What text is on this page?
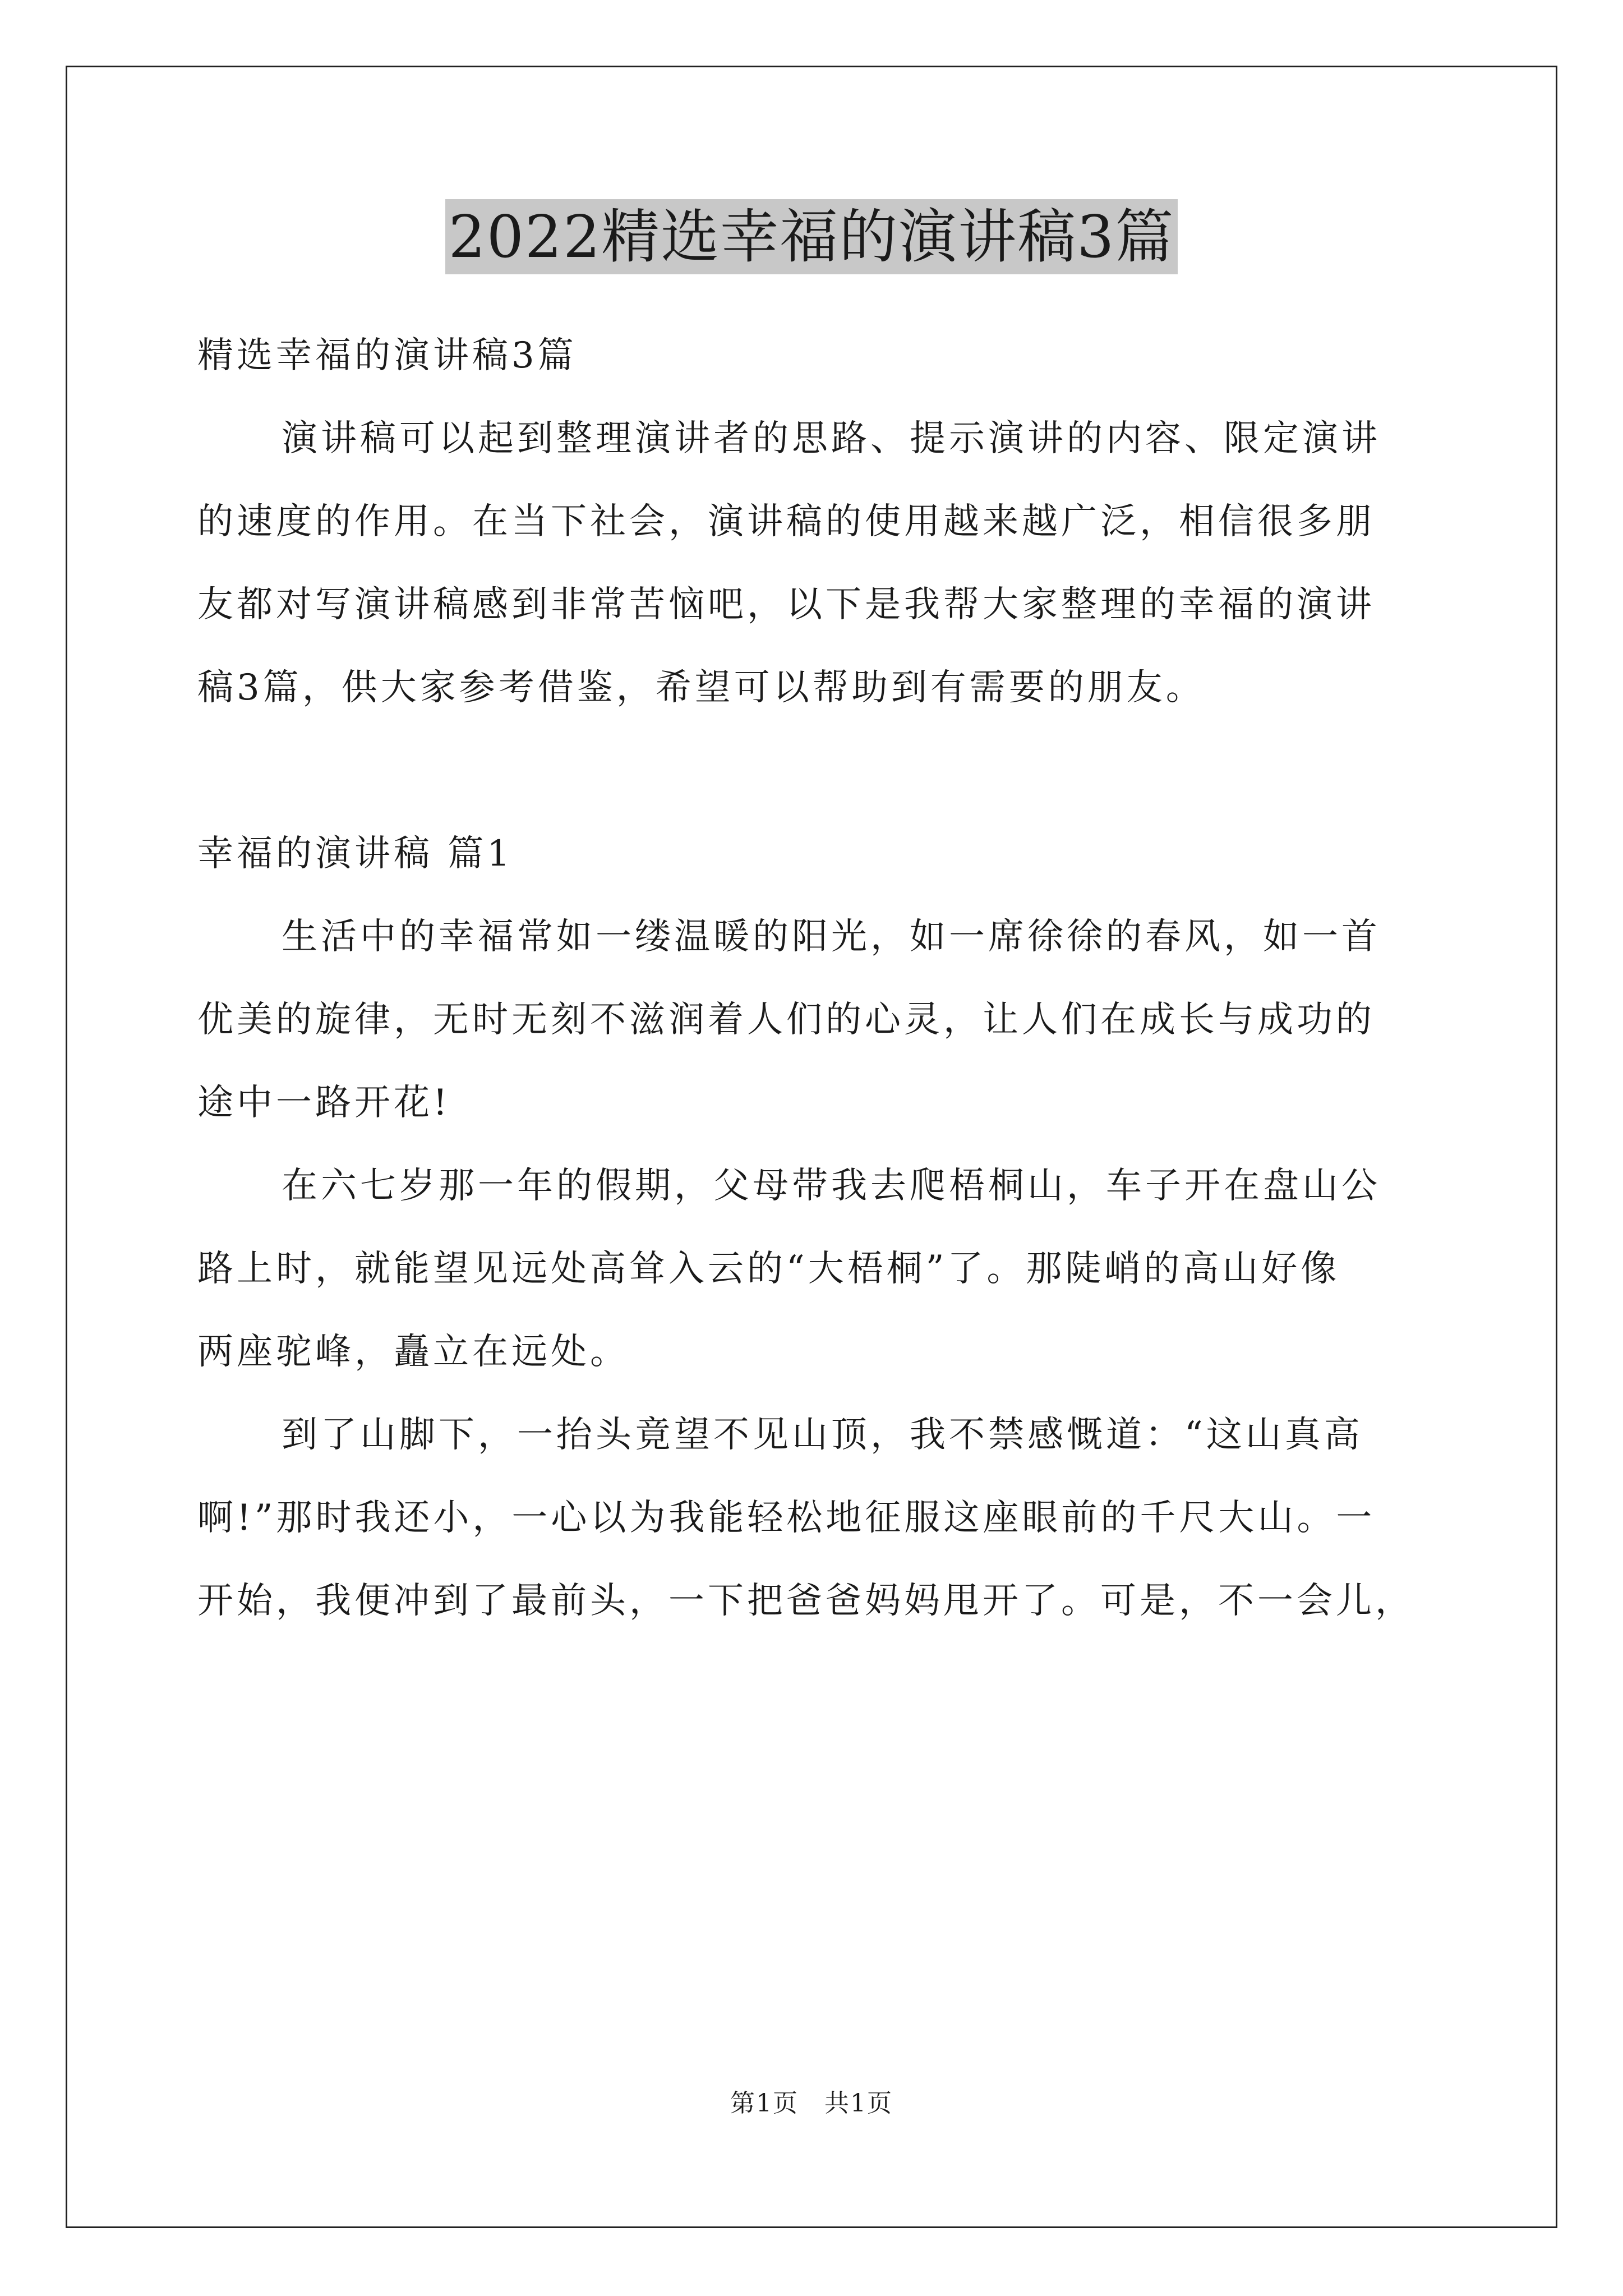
2022精选幸福的演讲稿3篇
精选幸福的演讲稿3篇
演讲稿可以起到整理演讲者的思路、提示演讲的内容、限定演讲
的速度的作用。在当下社会，演讲稿的使用越来越广泛，相信很多朋
友都对写演讲稿感到非常苦恼吧，以下是我帮大家整理的幸福的演讲
稿3篇，供大家参考借鉴，希望可以帮助到有需要的朋友。
幸福的演讲稿 篇1
生活中的幸福常如一缕温暖的阳光，如一席徐徐的春风，如一首
优美的旋律，无时无刻不滋润着人们的心灵，让人们在成长与成功的
途中一路开花!
在六七岁那一年的假期，父母带我去爬梧桐山，车子开在盘山公
路上时，就能望见远处高耸入云的“大梧桐”了。那陡峭的高山好像
两座驼峰，矗立在远处。
到了山脚下，一抬头竟望不见山顶，我不禁感慨道：“这山真高
啊!”那时我还小，一心以为我能轻松地征服这座眼前的千尺大山。一
开始，我便冲到了最前头，一下把爸爸妈妈甩开了。可是，不一会儿，
第1页　共1页
